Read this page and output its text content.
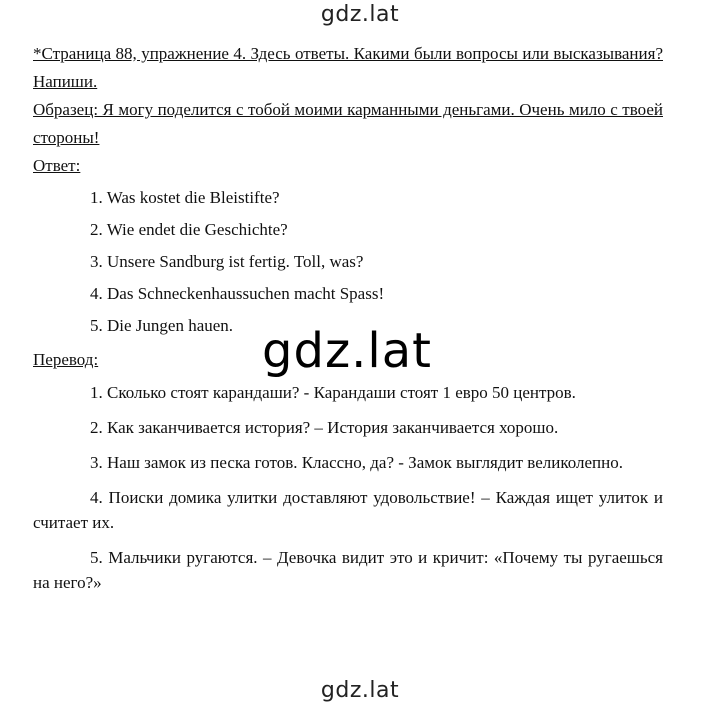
gdz.lat

*Страница 88, упражнение 4. Здесь ответы. Какими были вопросы или высказывания? Напиши.

Образец: Я могу поделится с тобой моими карманными деньгами. Очень мило с твоей стороны!

Ответ:

1. Was kostet die Bleistifte?
2. Wie endet die Geschichte?
3. Unsere Sandburg ist fertig. Toll, was?
4. Das Schneckenhaussuchen macht Spass!
5. Die Jungen hauen.

Перевод:

1. Сколько стоят карандаши? - Карандаши стоят 1 евро 50 центров.
2. Как заканчивается история? – История заканчивается хорошо.
3. Наш замок из песка готов. Классно, да? - Замок выглядит великолепно.
4. Поиски домика улитки доставляют удовольствие! – Каждая ищет улиток и считает их.
5. Мальчики ругаются. – Девочка видит это и кричит: «Почему ты ругаешься на него?»
gdz.lat
gdz.lat
